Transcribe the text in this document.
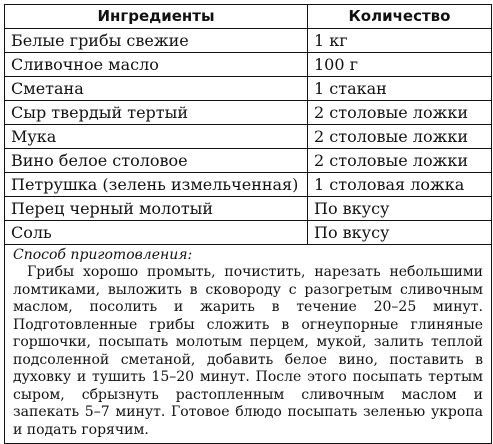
Ингредиенты	Количество
Белые грибы свежие	1 кг
Сливочное масло	100 г
Сметана	1 стакан
Сыр твердый тертый	2 столовые ложки
Мука	2 столовые ложки
Вино белое столовое	2 столовые ложки
Петрушка (зелень измельченная)	1 столовая ложка
Перец черный молотый	По вкусу
Соль	По вкусу

Способ приготовления:
Грибы хорошо промыть, почистить, нарезать небольшими ломтиками, выложить в сковороду с разогретым сливочным маслом, посолить и жарить в течение 20–25 минут. Подготовленные грибы сложить в огнеупорные глиняные горшочки, посыпать молотым перцем, мукой, залить теплой подсоленной сметаной, добавить белое вино, поставить в духовку и тушить 15–20 минут. После этого посыпать тертым сыром, сбрызнуть растопленным сливочным маслом и запекать 5–7 минут. Готовое блюдо посыпать зеленью укропа и подать горячим.	
